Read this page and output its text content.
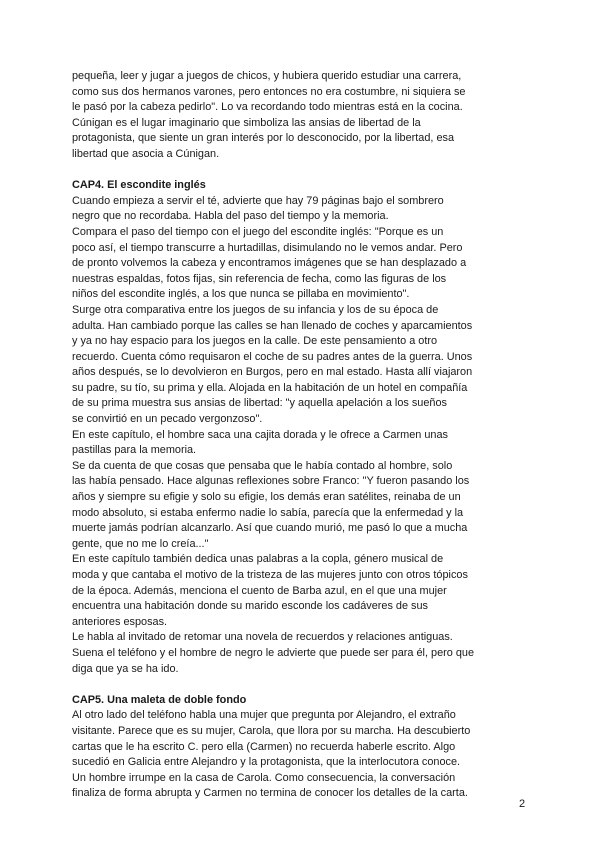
pequeña, leer y jugar a juegos de chicos, y hubiera querido estudiar una carrera,
como sus dos hermanos varones, pero entonces no era costumbre, ni siquiera se
le pasó por la cabeza pedirlo". Lo va recordando todo mientras está en la cocina.
Cúnigan es el lugar imaginario que simboliza las ansias de libertad de la
protagonista, que siente un gran interés por lo desconocido, por la libertad, esa
libertad que asocia a Cúnigan.
CAP4. El escondite inglés
Cuando empieza a servir el té, advierte que hay 79 páginas bajo el sombrero
negro que no recordaba. Habla del paso del tiempo y la memoria.
Compara el paso del tiempo con el juego del escondite inglés: "Porque es un
poco así, el tiempo transcurre a hurtadillas, disimulando no le vemos andar. Pero
de pronto volvemos la cabeza y encontramos imágenes que se han desplazado a
nuestras espaldas, fotos fijas, sin referencia de fecha, como las figuras de los
niños del escondite inglés, a los que nunca se pillaba en movimiento".
Surge otra comparativa entre los juegos de su infancia y los de su época de
adulta. Han cambiado porque las calles se han llenado de coches y aparcamientos
y ya no hay espacio para los juegos en la calle. De este pensamiento a otro
recuerdo. Cuenta cómo requisaron el coche de su padres antes de la guerra. Unos
años después, se lo devolvieron en Burgos, pero en mal estado. Hasta allí viajaron
su padre, su tío, su prima y ella. Alojada en la habitación de un hotel en compañía
de su prima muestra sus ansias de libertad: "y aquella apelación a los sueños
se convirtió en un pecado vergonzoso".
En este capítulo, el hombre saca una cajita dorada y le ofrece a Carmen unas
pastillas para la memoria.
Se da cuenta de que cosas que pensaba que le había contado al hombre, solo
las había pensado. Hace algunas reflexiones sobre Franco: "Y fueron pasando los
años y siempre su efigie y solo su efigie, los demás eran satélites, reinaba de un
modo absoluto, si estaba enfermo nadie lo sabía, parecía que la enfermedad y la
muerte jamás podrían alcanzarlo. Así que cuando murió, me pasó lo que a mucha
gente, que no me lo creía..."
En este capítulo también dedica unas palabras a la copla, género musical de
moda y que cantaba el motivo de la tristeza de las mujeres junto con otros tópicos
de la época. Además, menciona el cuento de Barba azul, en el que una mujer
encuentra una habitación donde su marido esconde los cadáveres de sus
anteriores esposas.
Le habla al invitado de retomar una novela de recuerdos y relaciones antiguas.
Suena el teléfono y el hombre de negro le advierte que puede ser para él, pero que
diga que ya se ha ido.
CAP5. Una maleta de doble fondo
Al otro lado del teléfono habla una mujer que pregunta por Alejandro, el extraño
visitante. Parece que es su mujer, Carola, que llora por su marcha. Ha descubierto
cartas que le ha escrito C. pero ella (Carmen) no recuerda haberle escrito. Algo
sucedió en Galicia entre Alejandro y la protagonista, que la interlocutora conoce.
Un hombre irrumpe en la casa de Carola. Como consecuencia, la conversación
finaliza de forma abrupta y Carmen no termina de conocer los detalles de la carta.
2
